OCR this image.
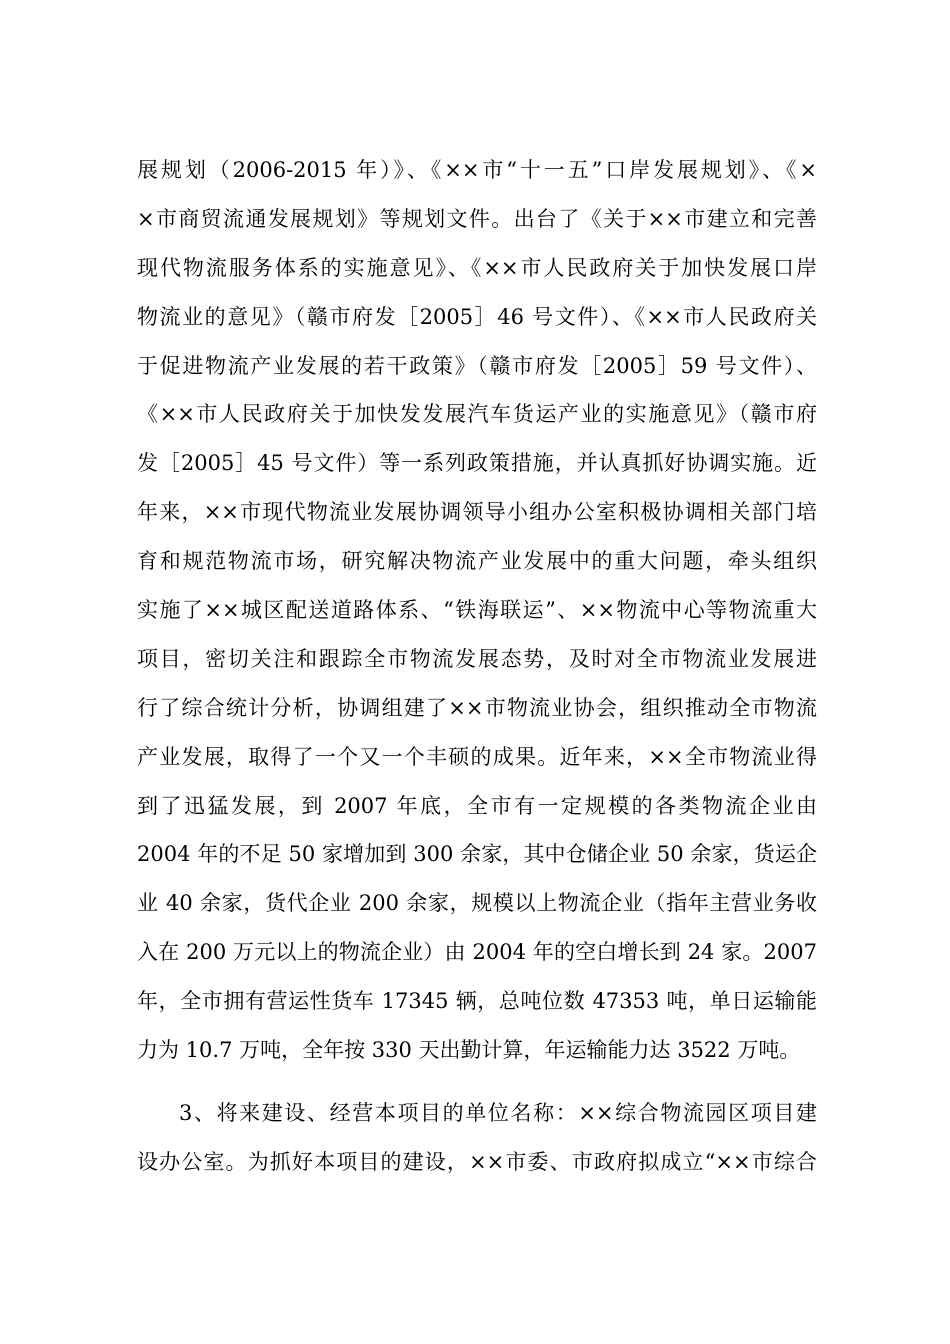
展规划（2006-2015 年）》、《××市“十一五”口岸发展规划》、《×
×市商贸流通发展规划》等规划文件。出台了《关于××市建立和完善
现代物流服务体系的实施意见》、《××市人民政府关于加快发展口岸
物流业的意见》（赣市府发［2005］46 号文件）、《××市人民政府关
于促进物流产业发展的若干政策》（赣市府发［2005］59 号文件）、
《××市人民政府关于加快发发展汽车货运产业的实施意见》（赣市府
发［2005］45 号文件）等一系列政策措施，并认真抓好协调实施。近
年来，××市现代物流业发展协调领导小组办公室积极协调相关部门培
育和规范物流市场，研究解决物流产业发展中的重大问题，牵头组织
实施了××城区配送道路体系、“铁海联运”、××物流中心等物流重大
项目，密切关注和跟踪全市物流发展态势，及时对全市物流业发展进
行了综合统计分析，协调组建了××市物流业协会，组织推动全市物流
产业发展，取得了一个又一个丰硕的成果。近年来，××全市物流业得
到了迅猛发展，到 2007 年底，全市有一定规模的各类物流企业由
2004 年的不足 50 家增加到 300 余家，其中仓储企业 50 余家，货运企
业 40 余家，货代企业 200 余家，规模以上物流企业（指年主营业务收
入在 200 万元以上的物流企业）由 2004 年的空白增长到 24 家。2007
年，全市拥有营运性货车 17345 辆，总吨位数 47353 吨，单日运输能
力为 10.7 万吨，全年按 330 天出勤计算，年运输能力达 3522 万吨。
3、将来建设、经营本项目的单位名称：××综合物流园区项目建
设办公室。为抓好本项目的建设，××市委、市政府拟成立“××市综合
